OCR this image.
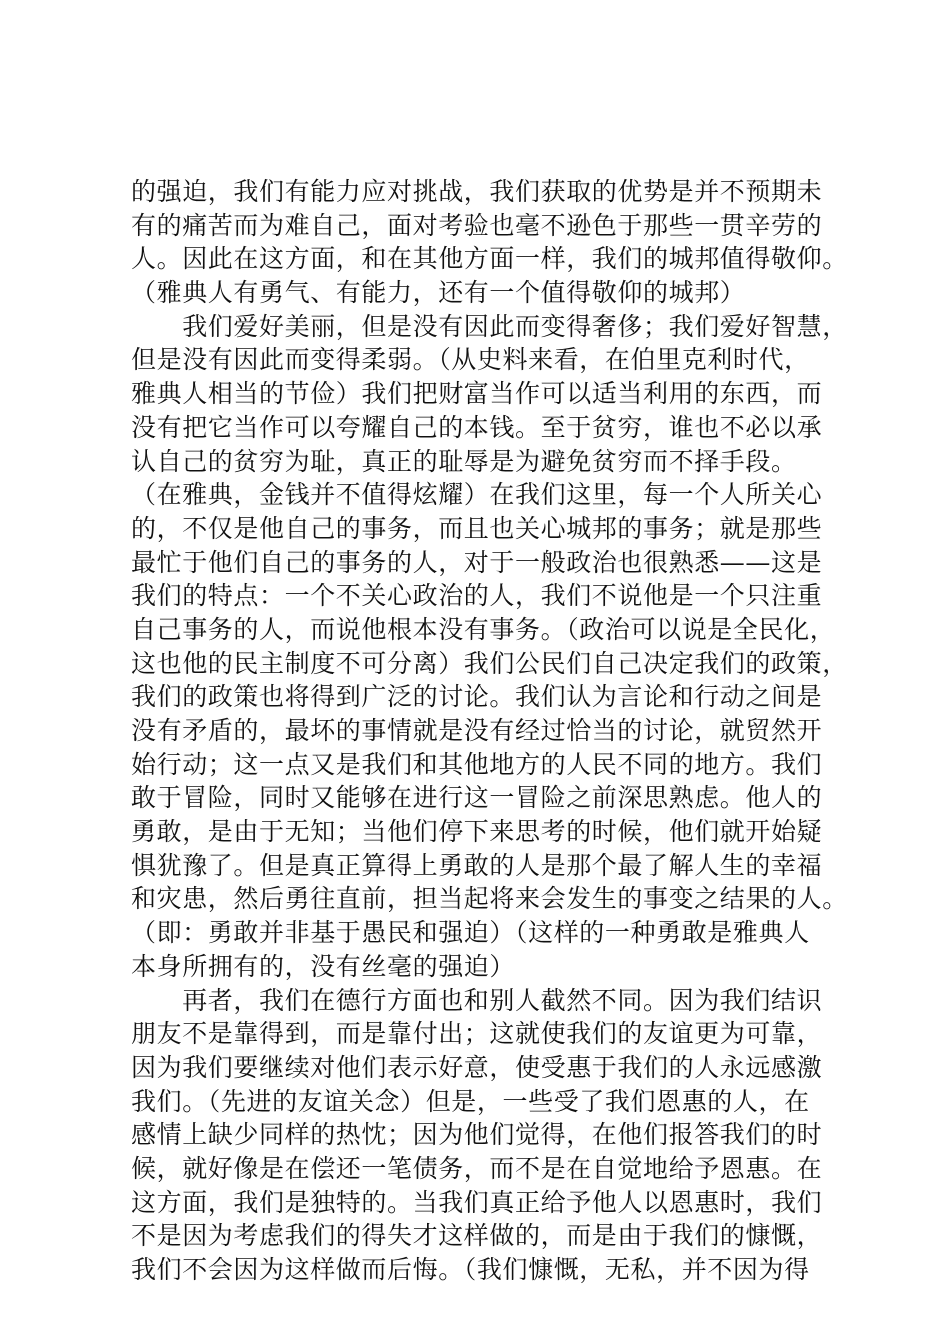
的强迫，我们有能力应对挑战，我们获取的优势是并不预期未
有的痛苦而为难自己，面对考验也毫不逊色于那些一贯辛劳的
人。因此在这方面，和在其他方面一样，我们的城邦值得敬仰。
（雅典人有勇气、有能力，还有一个值得敬仰的城邦）
　　我们爱好美丽，但是没有因此而变得奢侈；我们爱好智慧，
但是没有因此而变得柔弱。（从史料来看，在伯里克利时代，
雅典人相当的节俭）我们把财富当作可以适当利用的东西，而
没有把它当作可以夸耀自己的本钱。至于贫穷，谁也不必以承
认自己的贫穷为耻，真正的耻辱是为避免贫穷而不择手段。
（在雅典，金钱并不值得炫耀）在我们这里，每一个人所关心
的，不仅是他自己的事务，而且也关心城邦的事务；就是那些
最忙于他们自己的事务的人，对于一般政治也很熟悉——这是
我们的特点：一个不关心政治的人，我们不说他是一个只注重
自己事务的人，而说他根本没有事务。（政治可以说是全民化，
这也他的民主制度不可分离）我们公民们自己决定我们的政策，
我们的政策也将得到广泛的讨论。我们认为言论和行动之间是
没有矛盾的，最坏的事情就是没有经过恰当的讨论，就贸然开
始行动；这一点又是我们和其他地方的人民不同的地方。我们
敢于冒险，同时又能够在进行这一冒险之前深思熟虑。他人的
勇敢，是由于无知；当他们停下来思考的时候，他们就开始疑
惧犹豫了。但是真正算得上勇敢的人是那个最了解人生的幸福
和灾患，然后勇往直前，担当起将来会发生的事变之结果的人。
（即：勇敢并非基于愚民和强迫）（这样的一种勇敢是雅典人
本身所拥有的，没有丝毫的强迫）
　　再者，我们在德行方面也和别人截然不同。因为我们结识
朋友不是靠得到，而是靠付出；这就使我们的友谊更为可靠，
因为我们要继续对他们表示好意，使受惠于我们的人永远感激
我们。（先进的友谊关念）但是，一些受了我们恩惠的人，在
感情上缺少同样的热忱；因为他们觉得，在他们报答我们的时
候，就好像是在偿还一笔债务，而不是在自觉地给予恩惠。在
这方面，我们是独特的。当我们真正给予他人以恩惠时，我们
不是因为考虑我们的得失才这样做的，而是由于我们的慷慨，
我们不会因为这样做而后悔。（我们慷慨，无私，并不因为得
